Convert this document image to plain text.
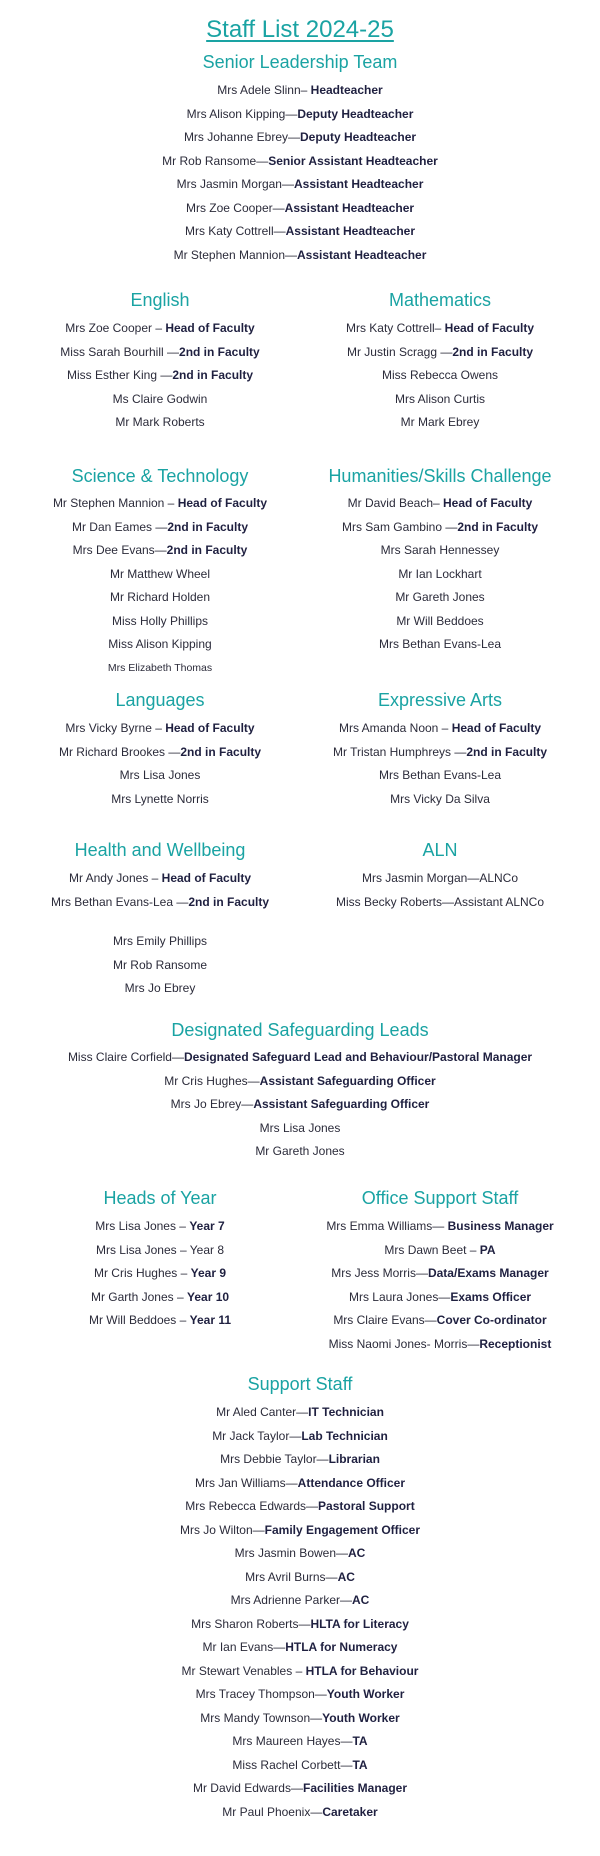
Staff List 2024-25
Senior Leadership Team
Mrs Adele Slinn– Headteacher
Mrs Alison Kipping—Deputy Headteacher
Mrs Johanne Ebrey—Deputy Headteacher
Mr Rob Ransome—Senior Assistant Headteacher
Mrs Jasmin Morgan—Assistant Headteacher
Mrs Zoe Cooper—Assistant Headteacher
Mrs Katy Cottrell—Assistant Headteacher
Mr Stephen Mannion—Assistant Headteacher
English
Mrs Zoe Cooper – Head of Faculty
Miss Sarah Bourhill —2nd in Faculty
Miss Esther King —2nd in Faculty
Ms Claire Godwin
Mr Mark Roberts
Mathematics
Mrs Katy Cottrell– Head of Faculty
Mr Justin Scragg —2nd in Faculty
Miss Rebecca Owens
Mrs Alison Curtis
Mr Mark Ebrey
Science & Technology
Mr Stephen Mannion – Head of Faculty
Mr Dan Eames —2nd in Faculty
Mrs Dee Evans—2nd in Faculty
Mr Matthew Wheel
Mr Richard Holden
Miss Holly Phillips
Miss Alison Kipping
Mrs Elizabeth Thomas
Humanities/Skills Challenge
Mr David Beach– Head of Faculty
Mrs Sam Gambino —2nd in Faculty
Mrs Sarah Hennessey
Mr Ian Lockhart
Mr Gareth Jones
Mr Will Beddoes
Mrs Bethan Evans-Lea
Languages
Mrs Vicky Byrne – Head of Faculty
Mr Richard Brookes —2nd in Faculty
Mrs Lisa Jones
Mrs Lynette Norris
Expressive Arts
Mrs Amanda Noon – Head of Faculty
Mr Tristan Humphreys —2nd in Faculty
Mrs Bethan Evans-Lea
Mrs Vicky Da Silva
Health and Wellbeing
Mr Andy Jones – Head of Faculty
Mrs Bethan Evans-Lea —2nd in Faculty
Mrs Emily Phillips
Mr Rob Ransome
Mrs Jo Ebrey
ALN
Mrs Jasmin Morgan—ALNCo
Miss Becky Roberts—Assistant ALNCo
Designated Safeguarding Leads
Miss Claire Corfield—Designated Safeguard Lead and Behaviour/Pastoral Manager
Mr Cris Hughes—Assistant Safeguarding Officer
Mrs Jo Ebrey—Assistant Safeguarding Officer
Mrs Lisa Jones
Mr Gareth Jones
Heads of Year
Mrs Lisa Jones – Year 7
Mrs Lisa Jones – Year 8
Mr Cris Hughes – Year 9
Mr Garth Jones – Year 10
Mr Will Beddoes – Year 11
Office Support Staff
Mrs Emma Williams— Business Manager
Mrs Dawn Beet – PA
Mrs Jess Morris—Data/Exams Manager
Mrs Laura Jones—Exams Officer
Mrs Claire Evans—Cover Co-ordinator
Miss Naomi Jones- Morris—Receptionist
Support Staff
Mr Aled Canter—IT Technician
Mr Jack Taylor—Lab Technician
Mrs Debbie Taylor—Librarian
Mrs Jan Williams—Attendance Officer
Mrs Rebecca Edwards—Pastoral Support
Mrs Jo Wilton—Family Engagement Officer
Mrs Jasmin Bowen—AC
Mrs Avril Burns—AC
Mrs Adrienne Parker—AC
Mrs Sharon Roberts—HLTA for Literacy
Mr Ian Evans—HTLA for Numeracy
Mr Stewart Venables – HTLA for Behaviour
Mrs Tracey Thompson—Youth Worker
Mrs Mandy Townson—Youth Worker
Mrs Maureen Hayes—TA
Miss Rachel Corbett—TA
Mr David Edwards—Facilities Manager
Mr Paul Phoenix—Caretaker
